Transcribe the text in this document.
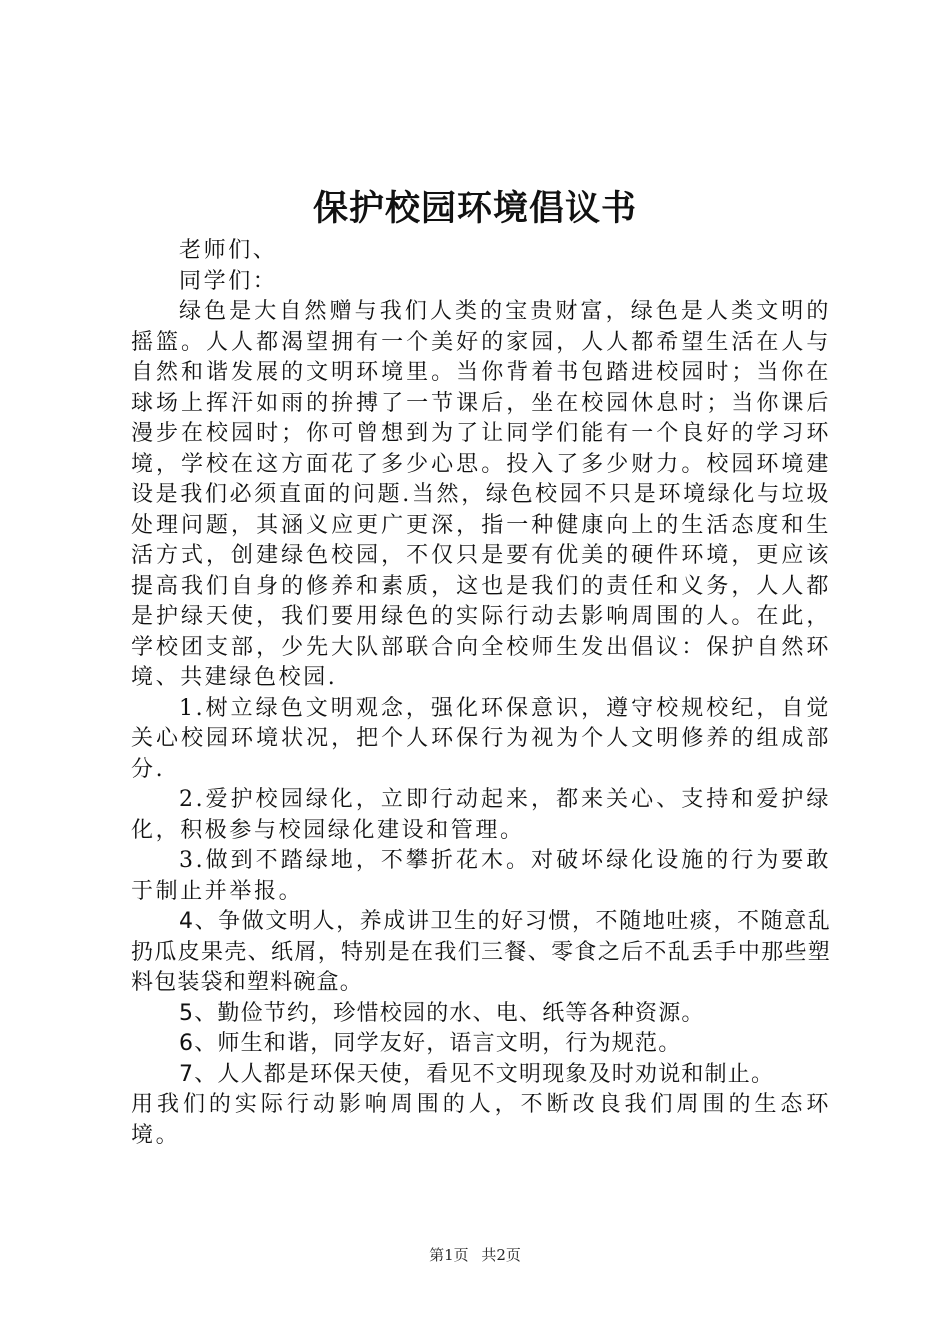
保护校园环境倡议书

老师们、

同学们：

绿色是大自然赠与我们人类的宝贵财富，绿色是人类文明的摇篮。人人都渴望拥有一个美好的家园，人人都希望生活在人与自然和谐发展的文明环境里。当你背着书包踏进校园时；当你在球场上挥汗如雨的拚搏了一节课后，坐在校园休息时；当你课后漫步在校园时；你可曾想到为了让同学们能有一个良好的学习环境，学校在这方面花了多少心思。投入了多少财力。校园环境建设是我们必须直面的问题.当然，绿色校园不只是环境绿化与垃圾处理问题，其涵义应更广更深，指一种健康向上的生活态度和生活方式，创建绿色校园，不仅只是要有优美的硬件环境，更应该提高我们自身的修养和素质，这也是我们的责任和义务，人人都是护绿天使，我们要用绿色的实际行动去影响周围的人。在此，学校团支部，少先大队部联合向全校师生发出倡议：保护自然环境、共建绿色校园.

1.树立绿色文明观念，强化环保意识，遵守校规校纪，自觉关心校园环境状况，把个人环保行为视为个人文明修养的组成部分.

2.爱护校园绿化，立即行动起来，都来关心、支持和爱护绿化，积极参与校园绿化建设和管理。

3.做到不踏绿地，不攀折花木。对破坏绿化设施的行为要敢于制止并举报。

4、争做文明人，养成讲卫生的好习惯，不随地吐痰，不随意乱扔瓜皮果壳、纸屑，特别是在我们三餐、零食之后不乱丢手中那些塑料包装袋和塑料碗盒。

5、勤俭节约，珍惜校园的水、电、纸等各种资源。

6、师生和谐，同学友好，语言文明，行为规范。

7、人人都是环保天使，看见不文明现象及时劝说和制止。

用我们的实际行动影响周围的人，不断改良我们周围的生态环境。

第1页 共2页
